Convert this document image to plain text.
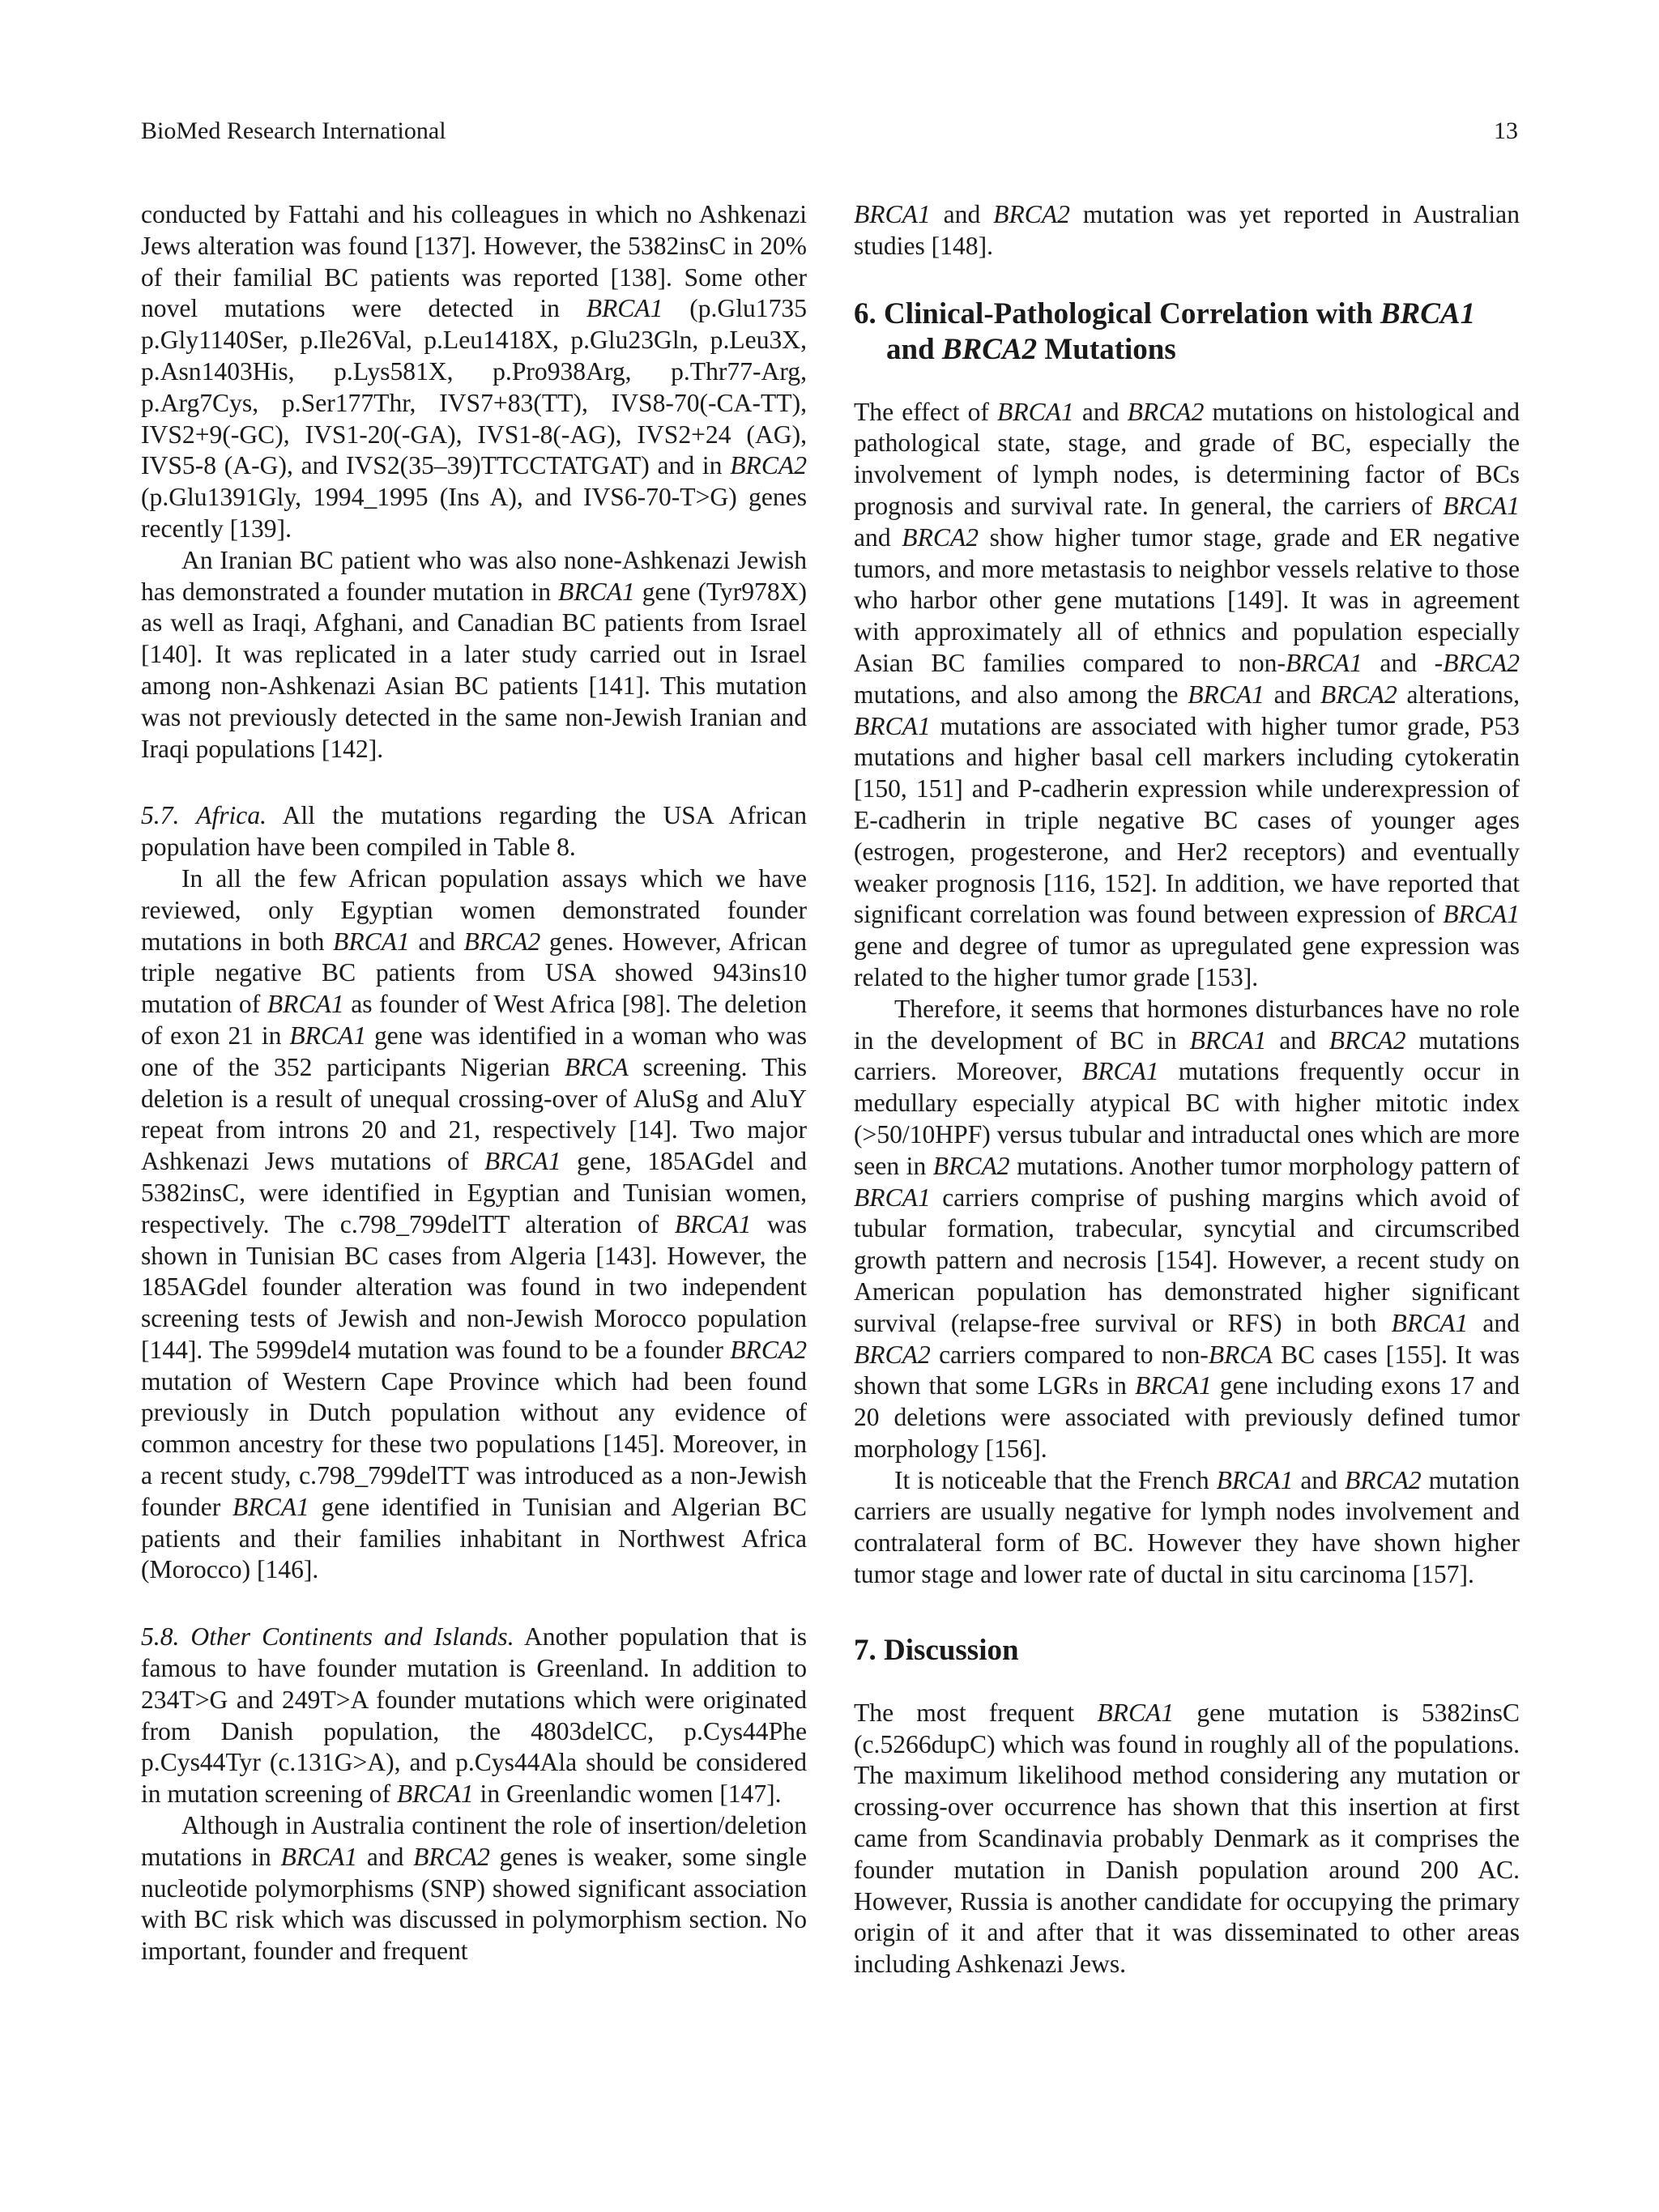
BioMed Research International	13

conducted by Fattahi and his colleagues in which no Ashkenazi Jews alteration was found [137]. However, the 5382insC in 20% of their familial BC patients was reported [138]. Some other novel mutations were detected in BRCA1 (p.Glu1735 p.Gly1140Ser, p.Ile26Val, p.Leu1418X, p.Glu23Gln, p.Leu3X, p.Asn1403His, p.Lys581X, p.Pro938Arg, p.Thr77-Arg, p.Arg7Cys, p.Ser177Thr, IVS7+83(TT), IVS8-70(-CA-TT), IVS2+9(-GC), IVS1-20(-GA), IVS1-8(-AG), IVS2+24 (AG), IVS5-8 (A-G), and IVS2(35–39)TTCCTATGAT) and in BRCA2 (p.Glu1391Gly, 1994_1995 (Ins A), and IVS6-70-T>G) genes recently [139].

An Iranian BC patient who was also none-Ashkenazi Jewish has demonstrated a founder mutation in BRCA1 gene (Tyr978X) as well as Iraqi, Afghani, and Canadian BC patients from Israel [140]. It was replicated in a later study carried out in Israel among non-Ashkenazi Asian BC patients [141]. This mutation was not previously detected in the same non-Jewish Iranian and Iraqi populations [142].

5.7. Africa. All the mutations regarding the USA African population have been compiled in Table 8.

In all the few African population assays which we have reviewed, only Egyptian women demonstrated founder mutations in both BRCA1 and BRCA2 genes. However, African triple negative BC patients from USA showed 943ins10 mutation of BRCA1 as founder of West Africa [98]. The deletion of exon 21 in BRCA1 gene was identified in a woman who was one of the 352 participants Nigerian BRCA screening. This deletion is a result of unequal crossing-over of AluSg and AluY repeat from introns 20 and 21, respectively [14]. Two major Ashkenazi Jews mutations of BRCA1 gene, 185AGdel and 5382insC, were identified in Egyptian and Tunisian women, respectively. The c.798_799delTT alteration of BRCA1 was shown in Tunisian BC cases from Algeria [143]. However, the 185AGdel founder alteration was found in two independent screening tests of Jewish and non-Jewish Morocco population [144]. The 5999del4 mutation was found to be a founder BRCA2 mutation of Western Cape Province which had been found previously in Dutch population without any evidence of common ancestry for these two populations [145]. Moreover, in a recent study, c.798_799delTT was introduced as a non-Jewish founder BRCA1 gene identified in Tunisian and Algerian BC patients and their families inhabitant in Northwest Africa (Morocco) [146].

5.8. Other Continents and Islands. Another population that is famous to have founder mutation is Greenland. In addition to 234T>G and 249T>A founder mutations which were originated from Danish population, the 4803delCC, p.Cys44Phe p.Cys44Tyr (c.131G>A), and p.Cys44Ala should be considered in mutation screening of BRCA1 in Greenlandic women [147].

Although in Australia continent the role of insertion/deletion mutations in BRCA1 and BRCA2 genes is weaker, some single nucleotide polymorphisms (SNP) showed significant association with BC risk which was discussed in polymorphism section. No important, founder and frequent

BRCA1 and BRCA2 mutation was yet reported in Australian studies [148].

6. Clinical-Pathological Correlation with BRCA1 and BRCA2 Mutations

The effect of BRCA1 and BRCA2 mutations on histological and pathological state, stage, and grade of BC, especially the involvement of lymph nodes, is determining factor of BCs prognosis and survival rate. In general, the carriers of BRCA1 and BRCA2 show higher tumor stage, grade and ER negative tumors, and more metastasis to neighbor vessels relative to those who harbor other gene mutations [149]. It was in agreement with approximately all of ethnics and population especially Asian BC families compared to non-BRCA1 and -BRCA2 mutations, and also among the BRCA1 and BRCA2 alterations, BRCA1 mutations are associated with higher tumor grade, P53 mutations and higher basal cell markers including cytokeratin [150, 151] and P-cadherin expression while underexpression of E-cadherin in triple negative BC cases of younger ages (estrogen, progesterone, and Her2 receptors) and eventually weaker prognosis [116, 152]. In addition, we have reported that significant correlation was found between expression of BRCA1 gene and degree of tumor as upregulated gene expression was related to the higher tumor grade [153].

Therefore, it seems that hormones disturbances have no role in the development of BC in BRCA1 and BRCA2 mutations carriers. Moreover, BRCA1 mutations frequently occur in medullary especially atypical BC with higher mitotic index (>50/10HPF) versus tubular and intraductal ones which are more seen in BRCA2 mutations. Another tumor morphology pattern of BRCA1 carriers comprise of pushing margins which avoid of tubular formation, trabecular, syncytial and circumscribed growth pattern and necrosis [154]. However, a recent study on American population has demonstrated higher significant survival (relapse-free survival or RFS) in both BRCA1 and BRCA2 carriers compared to non-BRCA BC cases [155]. It was shown that some LGRs in BRCA1 gene including exons 17 and 20 deletions were associated with previously defined tumor morphology [156].

It is noticeable that the French BRCA1 and BRCA2 mutation carriers are usually negative for lymph nodes involvement and contralateral form of BC. However they have shown higher tumor stage and lower rate of ductal in situ carcinoma [157].

7. Discussion

The most frequent BRCA1 gene mutation is 5382insC (c.5266dupC) which was found in roughly all of the populations. The maximum likelihood method considering any mutation or crossing-over occurrence has shown that this insertion at first came from Scandinavia probably Denmark as it comprises the founder mutation in Danish population around 200 AC. However, Russia is another candidate for occupying the primary origin of it and after that it was disseminated to other areas including Ashkenazi Jews.
